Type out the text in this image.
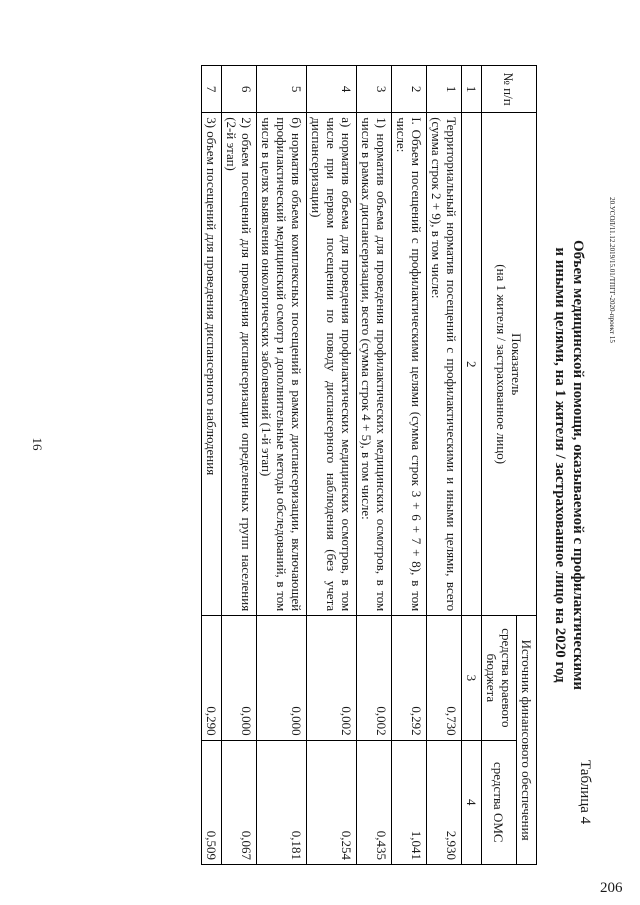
16
20.УСОЛ/11.12.2019/15.01/ТПГГ-2020-проект 15
206
Таблица 4
Объем медицинской помощи, оказываемой с профилактическими
и иными целями, на 1 жителя / застрахованное лицо на 2020 год
№ п/п	Показатель
(на 1 жителя / застрахованное лицо)	Источник финансового обеспечения	
		средства краевого бюджета	средства ОМС
1	2	3	4
1	Территориальный норматив посещений с профилактическими и иными целями, всего (сумма строк 2 + 9), в том числе:	0,730	2,930
2	I. Объем посещений с профилактическими целями (сумма строк 3 + 6 + 7 + 8), в том числе:	0,292	1,041
3	1) норматив объема для проведения профилактических медицинских осмотров, в том числе в рамках диспансеризации, всего (сумма строк 4 + 5), в том числе:	0,002	0,435
4	а) норматив объема для проведения профилактических медицинских осмотров, в том числе при первом посещении по поводу диспансерного наблюдения (без учета диспансеризации)	0,002	0,254
5	б) норматив объема комплексных посещений в рамках диспансеризации, включающей профилактический медицинский осмотр и дополнительные методы обследований, в том числе в целях выявления онкологических заболеваний (1-й этап)	0,000	0,181
6	2) объем посещений для проведения диспансеризации определенных групп населения (2-й этап)	0,000	0,067
7	3) объем посещений для проведения диспансерного наблюдения	0,290	0,509
